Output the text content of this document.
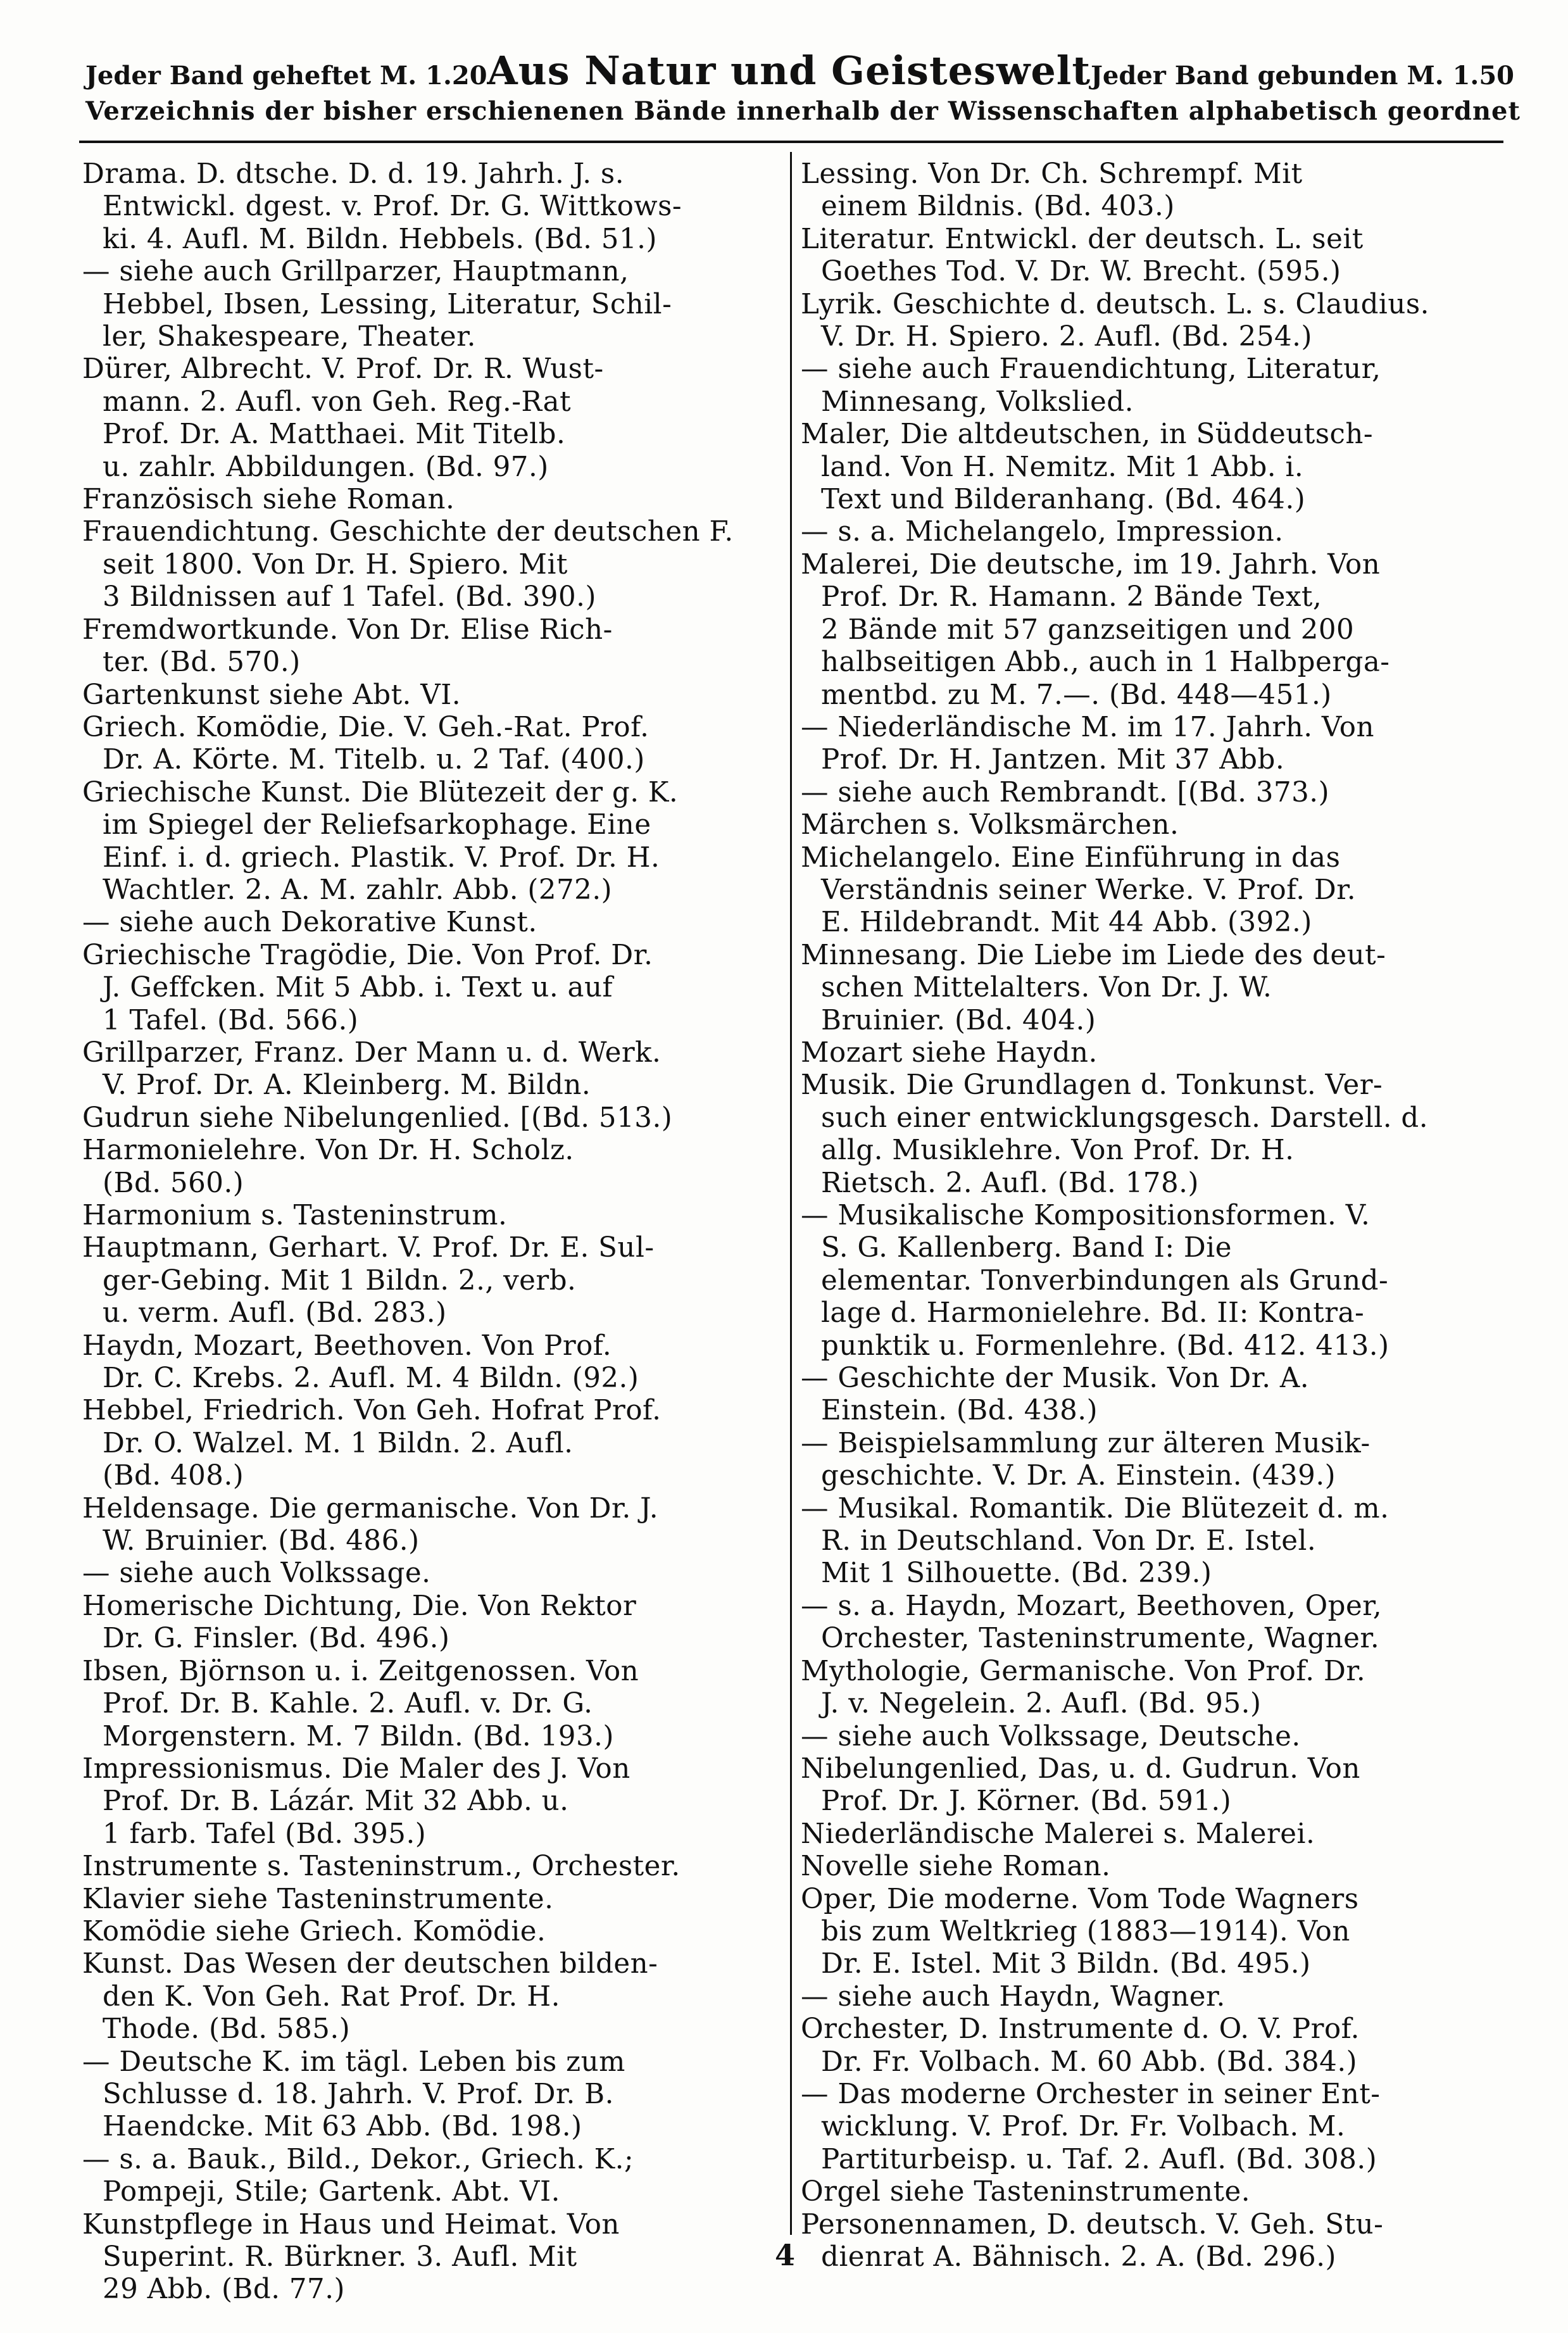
Jeder Band geheftet M. 1.20 Aus Natur und Geisteswelt Jeder Band gebunden M. 1.50
Verzeichnis der bisher erschienenen Bände innerhalb der Wissenschaften alphabetisch geordnet
Drama. D. dtsche. D. d. 19. Jahrh. J. s.
Entwickl. dgest. v. Prof. Dr. G. Wittkows-
ki. 4. Aufl. M. Bildn. Hebbels. (Bd. 51.)
— siehe auch Grillparzer, Hauptmann,
Hebbel, Ibsen, Lessing, Literatur, Schil-
ler, Shakespeare, Theater.
Dürer, Albrecht. V. Prof. Dr. R. Wust-
mann. 2. Aufl. von Geh. Reg.-Rat
Prof. Dr. A. Matthaei. Mit Titelb.
u. zahlr. Abbildungen. (Bd. 97.)
Französisch siehe Roman.
Frauendichtung. Geschichte der deutschen F.
seit 1800. Von Dr. H. Spiero. Mit
3 Bildnissen auf 1 Tafel. (Bd. 390.)
Fremdwortkunde. Von Dr. Elise Rich-
ter. (Bd. 570.)
Gartenkunst siehe Abt. VI.
Griech. Komödie, Die. V. Geh.-Rat. Prof.
Dr. A. Körte. M. Titelb. u. 2 Taf. (400.)
Griechische Kunst. Die Blütezeit der g. K.
im Spiegel der Reliefsarkophage. Eine
Einf. i. d. griech. Plastik. V. Prof. Dr. H.
Wachtler. 2. A. M. zahlr. Abb. (272.)
— siehe auch Dekorative Kunst.
Griechische Tragödie, Die. Von Prof. Dr.
J. Geffcken. Mit 5 Abb. i. Text u. auf
1 Tafel. (Bd. 566.)
Grillparzer, Franz. Der Mann u. d. Werk.
V. Prof. Dr. A. Kleinberg. M. Bildn.
Gudrun siehe Nibelungenlied. [(Bd. 513.)
Harmonielehre. Von Dr. H. Scholz.
(Bd. 560.)
Harmonium s. Tasteninstrum.
Hauptmann, Gerhart. V. Prof. Dr. E. Sul-
ger-Gebing. Mit 1 Bildn. 2., verb.
u. verm. Aufl. (Bd. 283.)
Haydn, Mozart, Beethoven. Von Prof.
Dr. C. Krebs. 2. Aufl. M. 4 Bildn. (92.)
Hebbel, Friedrich. Von Geh. Hofrat Prof.
Dr. O. Walzel. M. 1 Bildn. 2. Aufl.
(Bd. 408.)
Heldensage. Die germanische. Von Dr. J.
W. Bruinier. (Bd. 486.)
— siehe auch Volkssage.
Homerische Dichtung, Die. Von Rektor
Dr. G. Finsler. (Bd. 496.)
Ibsen, Björnson u. i. Zeitgenossen. Von
Prof. Dr. B. Kahle. 2. Aufl. v. Dr. G.
Morgenstern. M. 7 Bildn. (Bd. 193.)
Impressionismus. Die Maler des J. Von
Prof. Dr. B. Lázár. Mit 32 Abb. u.
1 farb. Tafel (Bd. 395.)
Instrumente s. Tasteninstrum., Orchester.
Klavier siehe Tasteninstrumente.
Komödie siehe Griech. Komödie.
Kunst. Das Wesen der deutschen bilden-
den K. Von Geh. Rat Prof. Dr. H.
Thode. (Bd. 585.)
— Deutsche K. im tägl. Leben bis zum
Schlusse d. 18. Jahrh. V. Prof. Dr. B.
Haendcke. Mit 63 Abb. (Bd. 198.)
— s. a. Bauk., Bild., Dekor., Griech. K.;
Pompeji, Stile; Gartenk. Abt. VI.
Kunstpflege in Haus und Heimat. Von
Superint. R. Bürkner. 3. Aufl. Mit
29 Abb. (Bd. 77.)
Lessing. Von Dr. Ch. Schrempf. Mit
einem Bildnis. (Bd. 403.)
Literatur. Entwickl. der deutsch. L. seit
Goethes Tod. V. Dr. W. Brecht. (595.)
Lyrik. Geschichte d. deutsch. L. s. Claudius.
V. Dr. H. Spiero. 2. Aufl. (Bd. 254.)
— siehe auch Frauendichtung, Literatur,
Minnesang, Volkslied.
Maler, Die altdeutschen, in Süddeutsch-
land. Von H. Nemitz. Mit 1 Abb. i.
Text und Bilderanhang. (Bd. 464.)
— s. a. Michelangelo, Impression.
Malerei, Die deutsche, im 19. Jahrh. Von
Prof. Dr. R. Hamann. 2 Bände Text,
2 Bände mit 57 ganzseitigen und 200
halbseitigen Abb., auch in 1 Halbperga-
mentbd. zu M. 7.—. (Bd. 448—451.)
— Niederländische M. im 17. Jahrh. Von
Prof. Dr. H. Jantzen. Mit 37 Abb.
— siehe auch Rembrandt. [(Bd. 373.)
Märchen s. Volksmärchen.
Michelangelo. Eine Einführung in das
Verständnis seiner Werke. V. Prof. Dr.
E. Hildebrandt. Mit 44 Abb. (392.)
Minnesang. Die Liebe im Liede des deut-
schen Mittelalters. Von Dr. J. W.
Bruinier. (Bd. 404.)
Mozart siehe Haydn.
Musik. Die Grundlagen d. Tonkunst. Ver-
such einer entwicklungsgesch. Darstell. d.
allg. Musiklehre. Von Prof. Dr. H.
Rietsch. 2. Aufl. (Bd. 178.)
— Musikalische Kompositionsformen. V.
S. G. Kallenberg. Band I: Die
elementar. Tonverbindungen als Grund-
lage d. Harmonielehre. Bd. II: Kontra-
punktik u. Formenlehre. (Bd. 412. 413.)
— Geschichte der Musik. Von Dr. A.
Einstein. (Bd. 438.)
— Beispielsammlung zur älteren Musik-
geschichte. V. Dr. A. Einstein. (439.)
— Musikal. Romantik. Die Blütezeit d. m.
R. in Deutschland. Von Dr. E. Istel.
Mit 1 Silhouette. (Bd. 239.)
— s. a. Haydn, Mozart, Beethoven, Oper,
Orchester, Tasteninstrumente, Wagner.
Mythologie, Germanische. Von Prof. Dr.
J. v. Negelein. 2. Aufl. (Bd. 95.)
— siehe auch Volkssage, Deutsche.
Nibelungenlied, Das, u. d. Gudrun. Von
Prof. Dr. J. Körner. (Bd. 591.)
Niederländische Malerei s. Malerei.
Novelle siehe Roman.
Oper, Die moderne. Vom Tode Wagners
bis zum Weltkrieg (1883—1914). Von
Dr. E. Istel. Mit 3 Bildn. (Bd. 495.)
— siehe auch Haydn, Wagner.
Orchester, D. Instrumente d. O. V. Prof.
Dr. Fr. Volbach. M. 60 Abb. (Bd. 384.)
— Das moderne Orchester in seiner Ent-
wicklung. V. Prof. Dr. Fr. Volbach. M.
Partiturbeisp. u. Taf. 2. Aufl. (Bd. 308.)
Orgel siehe Tasteninstrumente.
Personennamen, D. deutsch. V. Geh. Stu-
dienrat A. Bähnisch. 2. A. (Bd. 296.)
4
